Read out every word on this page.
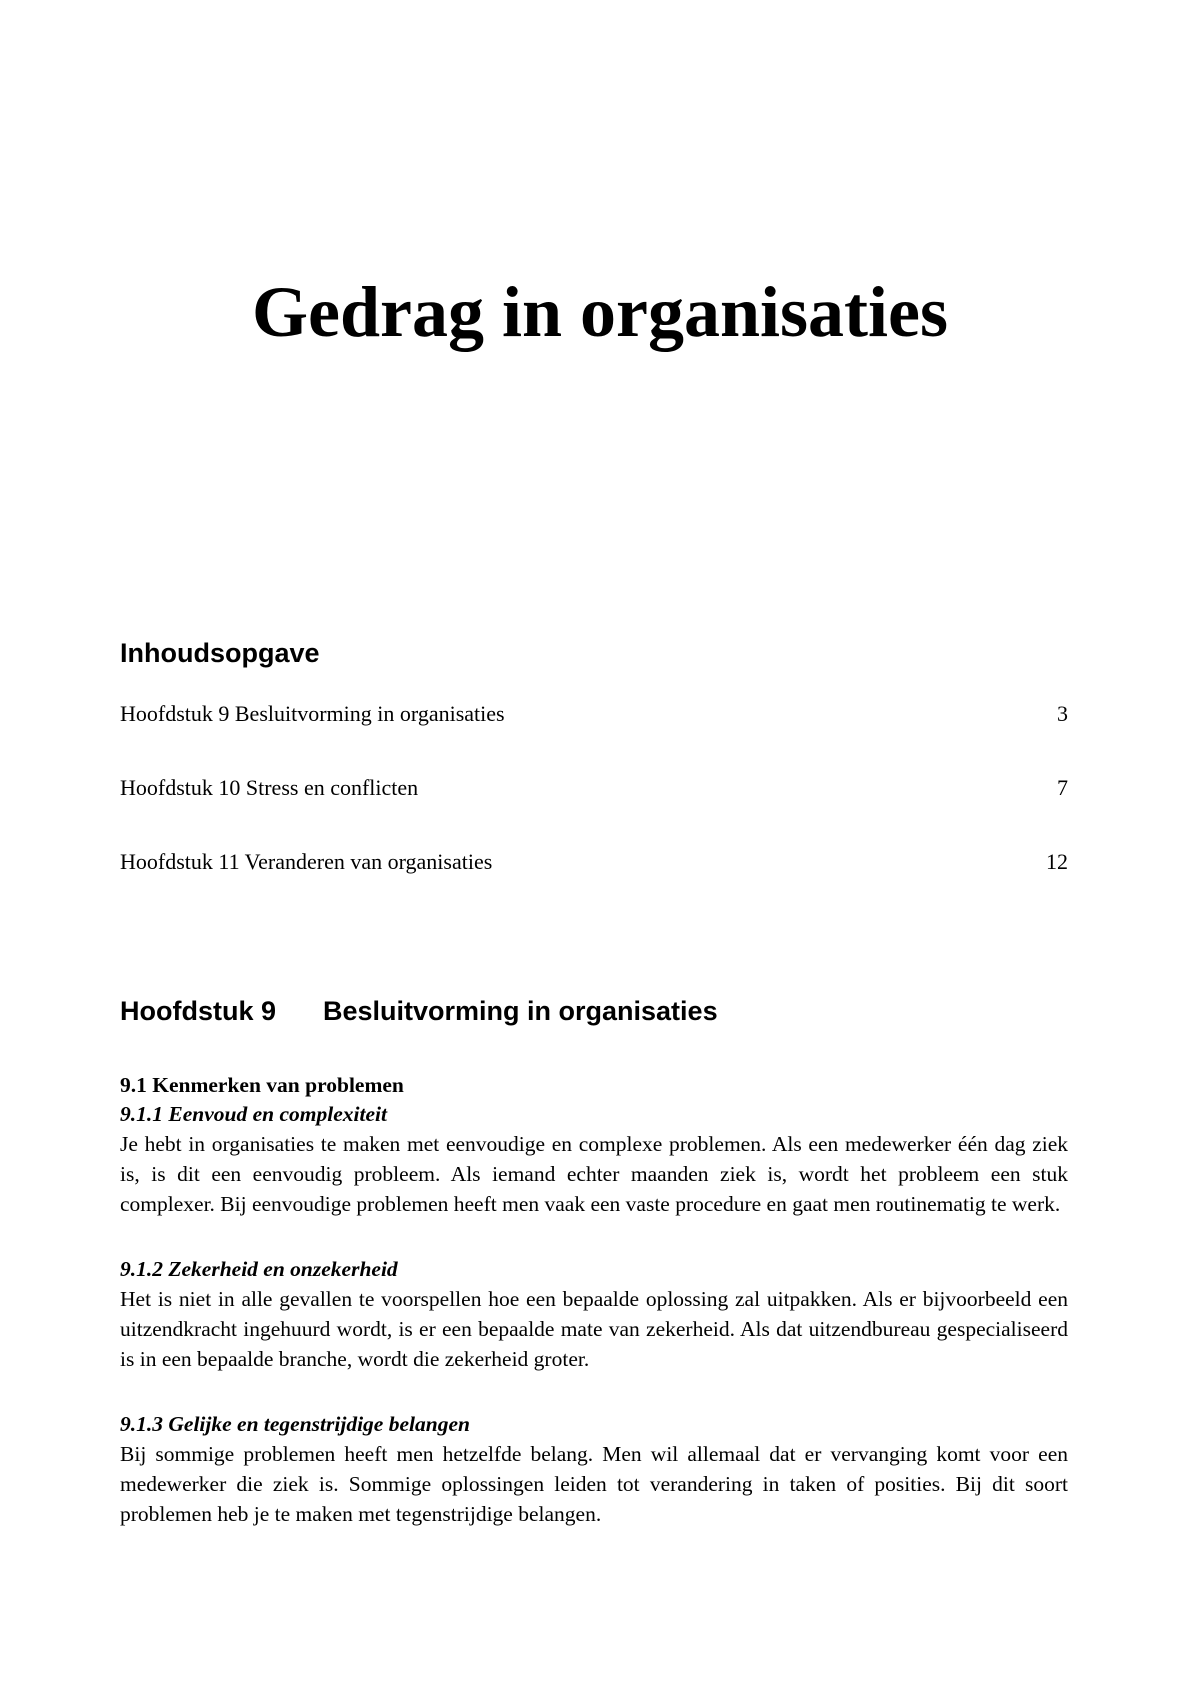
Gedrag in organisaties
Inhoudsopgave
Hoofdstuk 9 Besluitvorming in organisaties	3
Hoofdstuk 10 Stress en conflicten	7
Hoofdstuk 11 Veranderen van organisaties	12
Hoofdstuk 9 Besluitvorming in organisaties
9.1 Kenmerken van problemen
9.1.1 Eenvoud en complexiteit

Je hebt in organisaties te maken met eenvoudige en complexe problemen. Als een medewerker één dag ziek is, is dit een eenvoudig probleem. Als iemand echter maanden ziek is, wordt het probleem een stuk complexer. Bij eenvoudige problemen heeft men vaak een vaste procedure en gaat men routinematig te werk.

9.1.2 Zekerheid en onzekerheid

Het is niet in alle gevallen te voorspellen hoe een bepaalde oplossing zal uitpakken. Als er bijvoorbeeld een uitzendkracht ingehuurd wordt, is er een bepaalde mate van zekerheid. Als dat uitzendbureau gespecialiseerd is in een bepaalde branche, wordt die zekerheid groter.

9.1.3 Gelijke en tegenstrijdige belangen

Bij sommige problemen heeft men hetzelfde belang. Men wil allemaal dat er vervanging komt voor een medewerker die ziek is. Sommige oplossingen leiden tot verandering in taken of posities. Bij dit soort problemen heb je te maken met tegenstrijdige belangen.
